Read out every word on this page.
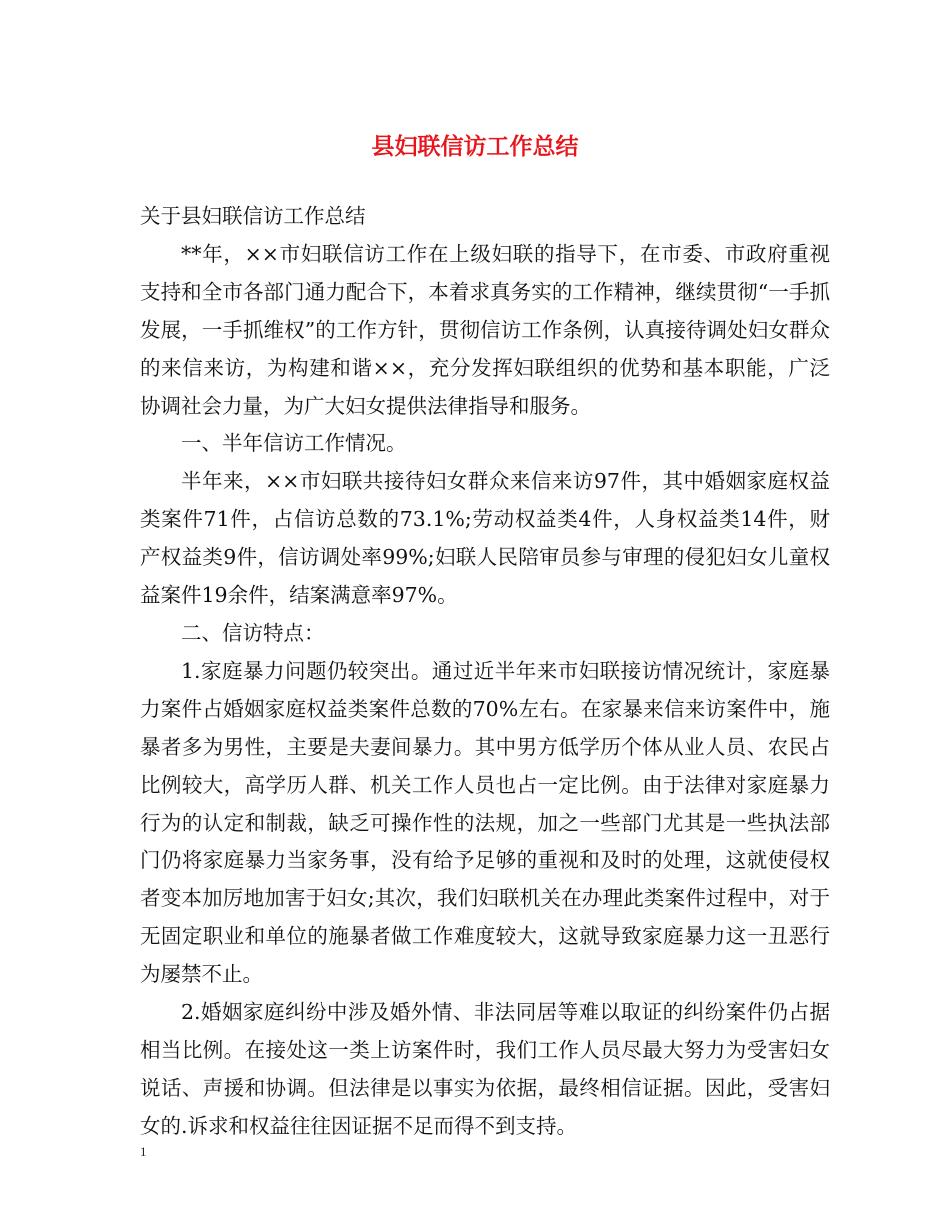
县妇联信访工作总结

关于县妇联信访工作总结

**年，××市妇联信访工作在上级妇联的指导下，在市委、市政府重视支持和全市各部门通力配合下，本着求真务实的工作精神，继续贯彻“一手抓发展，一手抓维权”的工作方针，贯彻信访工作条例，认真接待调处妇女群众的来信来访，为构建和谐××，充分发挥妇联组织的优势和基本职能，广泛协调社会力量，为广大妇女提供法律指导和服务。

一、半年信访工作情况。

半年来，××市妇联共接待妇女群众来信来访97件，其中婚姻家庭权益类案件71件，占信访总数的73.1%;劳动权益类4件，人身权益类14件，财产权益类9件，信访调处率99%;妇联人民陪审员参与审理的侵犯妇女儿童权益案件19余件，结案满意率97%。

二、信访特点：

1.家庭暴力问题仍较突出。通过近半年来市妇联接访情况统计，家庭暴力案件占婚姻家庭权益类案件总数的70%左右。在家暴来信来访案件中，施暴者多为男性，主要是夫妻间暴力。其中男方低学历个体从业人员、农民占比例较大，高学历人群、机关工作人员也占一定比例。由于法律对家庭暴力行为的认定和制裁，缺乏可操作性的法规，加之一些部门尤其是一些执法部门仍将家庭暴力当家务事，没有给予足够的重视和及时的处理，这就使侵权者变本加厉地加害于妇女;其次，我们妇联机关在办理此类案件过程中，对于无固定职业和单位的施暴者做工作难度较大，这就导致家庭暴力这一丑恶行为屡禁不止。

2.婚姻家庭纠纷中涉及婚外情、非法同居等难以取证的纠纷案件仍占据相当比例。在接处这一类上访案件时，我们工作人员尽最大努力为受害妇女说话、声援和协调。但法律是以事实为依据，最终相信证据。因此，受害妇女的.诉求和权益往往因证据不足而得不到支持。

1
